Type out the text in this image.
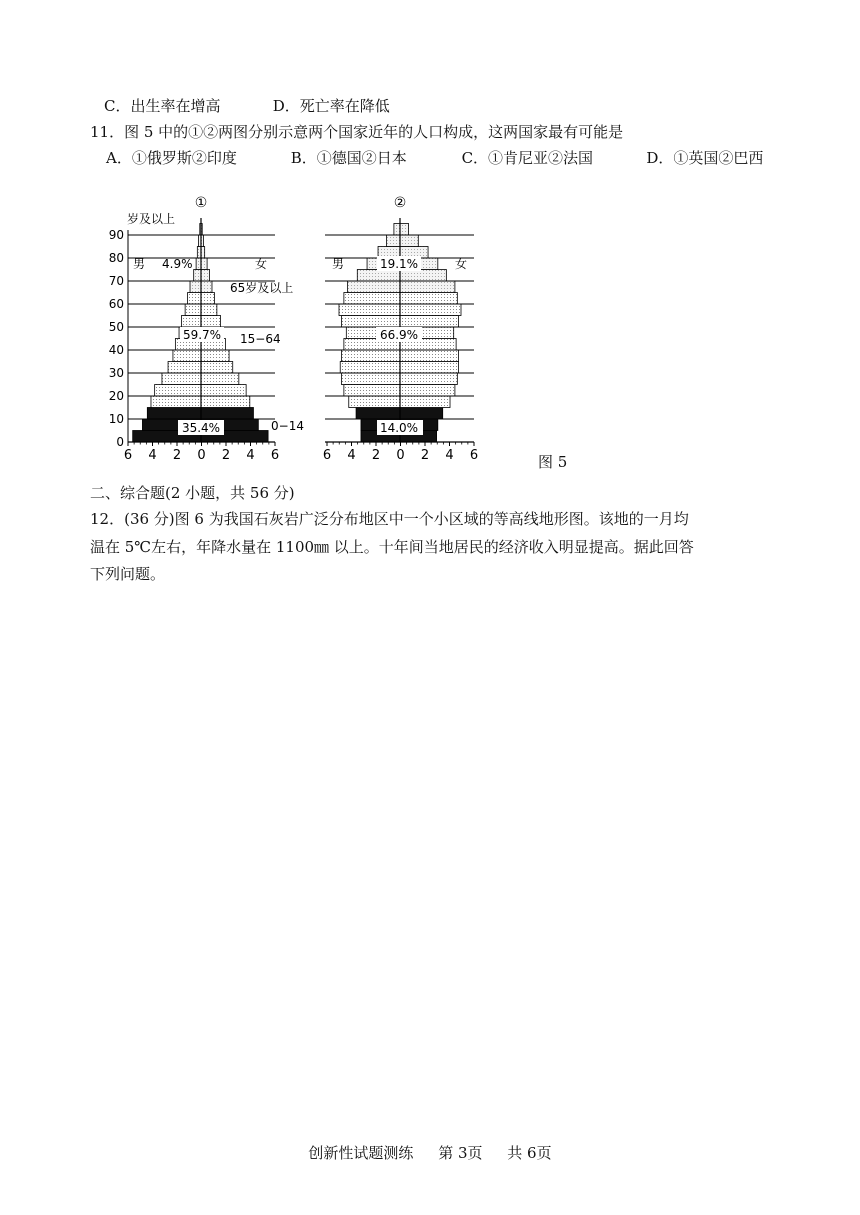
C．出生率在增高	D．死亡率在降低
11．图 5 中的①②两图分别示意两个国家近年的人口构成，这两国家最有可能是
A．①俄罗斯②印度	B．①德国②日本	C．①肯尼亚②法国	D．①英国②巴西
①
岁及以上
90
80
70
60
50
40
30
20
10
0
6 4 2 0 2 4 6
男 4.9%	女
65岁及以上
59.7% 15−64
35.4%	0−14
②
6 4 2 0 2 4 6
男	19.1%	女
66.9%
14.0%
图 5
二、综合题(2 小题，共 56 分)
12．(36 分)图 6 为我国石灰岩广泛分布地区中一个小区域的等高线地形图。该地的一月均
温在 5℃左右，年降水量在 1100㎜ 以上。十年间当地居民的经济收入明显提高。据此回答
下列问题。
创新性试题测练 第 3页 共 6页
